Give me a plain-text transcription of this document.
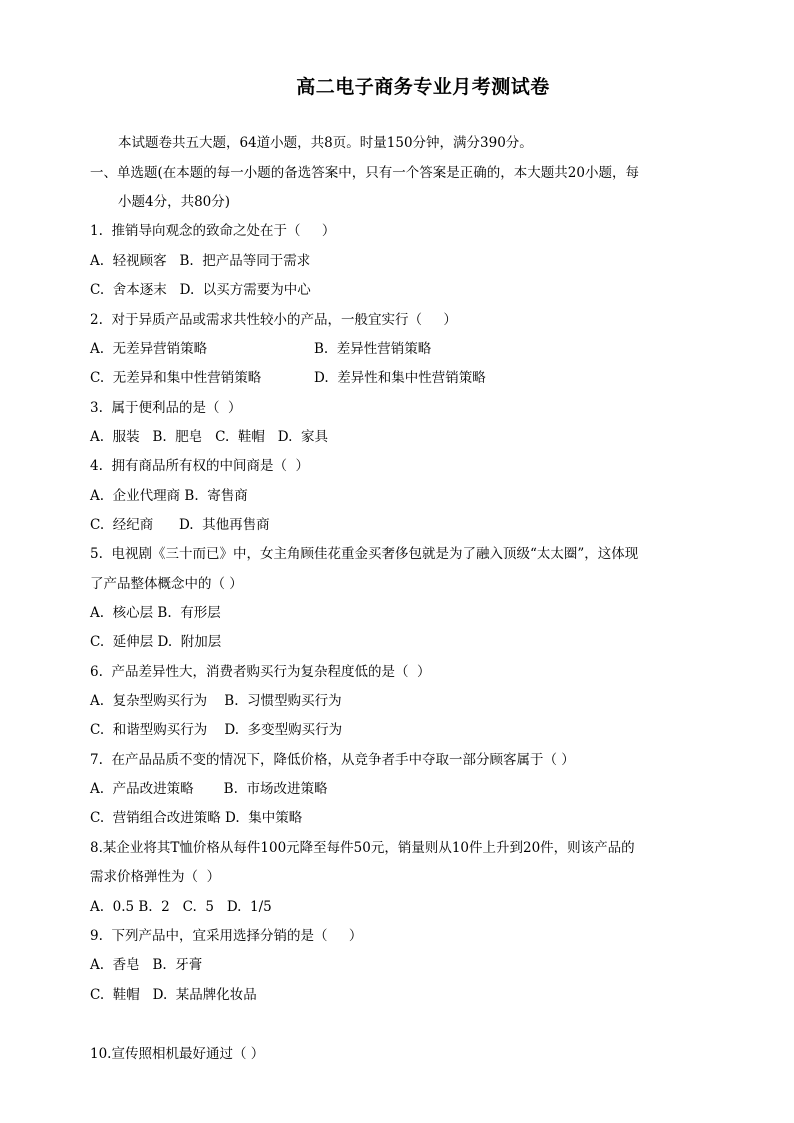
高二电子商务专业月考测试卷
本试题卷共五大题，64道小题，共8页。时量150分钟，满分390分。
一、单选题(在本题的每一小题的备选答案中，只有一个答案是正确的，本大题共20小题，每
小题4分，共80分)
1.  推销导向观念的致命之处在于（     ）
A.  轻视顾客   B.  把产品等同于需求
C.  舍本逐末   D.  以买方需要为中心
2.  对于异质产品或需求共性较小的产品，一般宜实行（     ）
A.  无差异营销策略	B.  差异性营销策略
C.  无差异和集中性营销策略	D.  差异性和集中性营销策略
3.  属于便利品的是（  ）
A.  服装   B.  肥皂   C.  鞋帽   D.  家具
4.  拥有商品所有权的中间商是（  ）
A.  企业代理商 B.  寄售商
C.  经纪商      D.  其他再售商
5.  电视剧《三十而已》中，女主角顾佳花重金买奢侈包就是为了融入顶级“太太圈”，这体现
了产品整体概念中的（ ）
A.  核心层 B.  有形层
C.  延伸层 D.  附加层
6.  产品差异性大，消费者购买行为复杂程度低的是（  ）
A.  复杂型购买行为    B.  习惯型购买行为
C.  和谐型购买行为    D.  多变型购买行为
7.  在产品品质不变的情况下，降低价格，从竞争者手中夺取一部分顾客属于（ ）
A.  产品改进策略       B.  市场改进策略
C.  营销组合改进策略 D.  集中策略
8.某企业将其T恤价格从每件100元降至每件50元，销量则从10件上升到20件，则该产品的
需求价格弹性为（  ）
A.  0.5 B.  2   C.  5   D.  1/5
9.  下列产品中，宜采用选择分销的是（     ）
A.  香皂   B.  牙膏
C.  鞋帽   D.  某品牌化妆品
10.宣传照相机最好通过（ ）
